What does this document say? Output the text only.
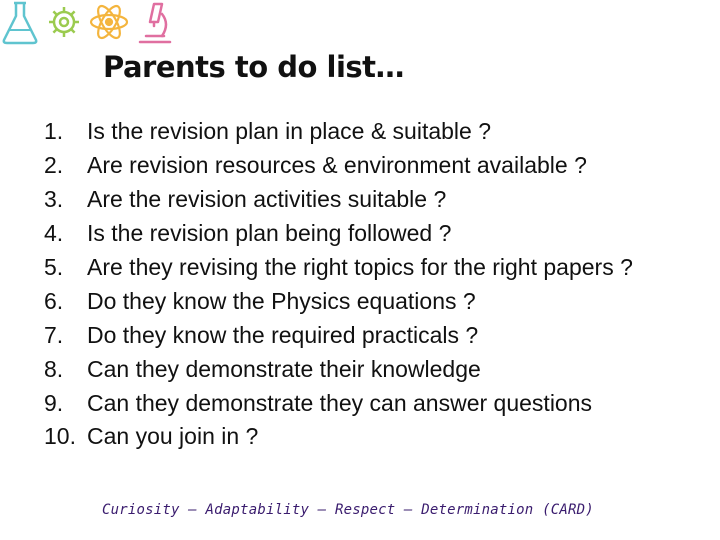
Parents to do list…
1.	Is the revision plan in place & suitable ?
2.	Are revision resources & environment available ?
3.	Are the revision activities suitable ?
4.	Is the revision plan being followed ?
5.	Are they revising the right topics for the right papers ?
6.	Do they know the Physics equations ?
7.	Do they know the required practicals ?
8.	Can they demonstrate their knowledge
9.	Can they demonstrate they can answer questions
10. Can you join in ?
Curiosity – Adaptability – Respect – Determination (CARD)
